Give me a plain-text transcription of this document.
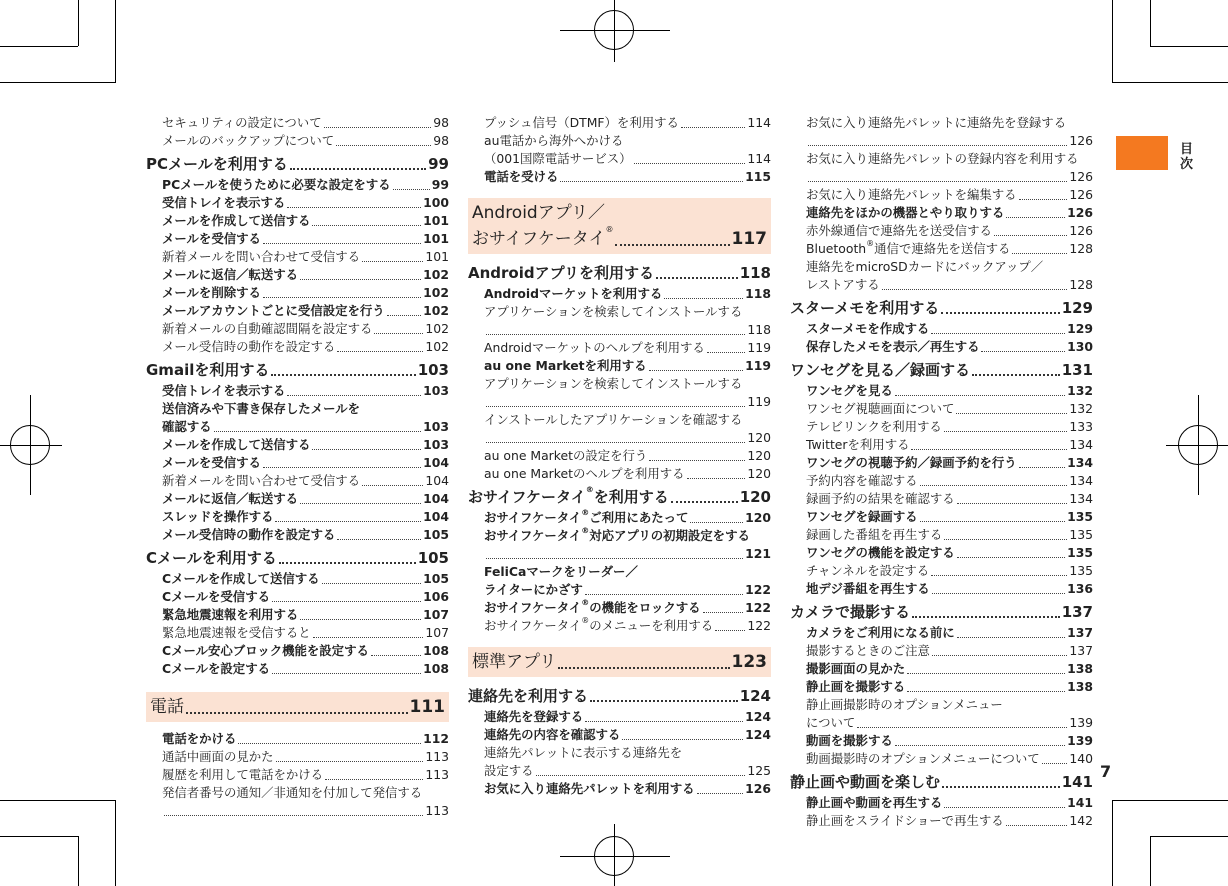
目
次
7
セキュリティの設定について	98
メールのバックアップについて	98
PCメールを利用する	99
PCメールを使うために必要な設定をする	99
受信トレイを表示する	100
メールを作成して送信する	101
メールを受信する	101
新着メールを問い合わせて受信する	101
メールに返信／転送する	102
メールを削除する	102
メールアカウントごとに受信設定を行う	102
新着メールの自動確認間隔を設定する	102
メール受信時の動作を設定する	102
Gmailを利用する	103
受信トレイを表示する	103
送信済みや下書き保存したメールを
確認する	103
メールを作成して送信する	103
メールを受信する	104
新着メールを問い合わせて受信する	104
メールに返信／転送する	104
スレッドを操作する	104
メール受信時の動作を設定する	105
Cメールを利用する	105
Cメールを作成して送信する	105
Cメールを受信する	106
緊急地震速報を利用する	107
緊急地震速報を受信すると	107
Cメール安心ブロック機能を設定する	108
Cメールを設定する	108
電話	111
電話をかける	112
通話中画面の見かた	113
履歴を利用して電話をかける	113
発信者番号の通知／非通知を付加して発信する
113
プッシュ信号（DTMF）を利用する	114
au電話から海外へかける
（001国際電話サービス）	114
電話を受ける	115
Androidアプリ／
おサイフケータイ®	117
Androidアプリを利用する	118
Androidマーケットを利用する	118
アプリケーションを検索してインストールする
118
Androidマーケットのヘルプを利用する	119
au one Marketを利用する	119
アプリケーションを検索してインストールする
119
インストールしたアプリケーションを確認する
120
au one Marketの設定を行う	120
au one Marketのヘルプを利用する	120
おサイフケータイ®を利用する	120
おサイフケータイ®ご利用にあたって	120
おサイフケータイ®対応アプリの初期設定をする
121
FeliCaマークをリーダー／
ライターにかざす	122
おサイフケータイ®の機能をロックする	122
おサイフケータイ®のメニューを利用する	122
標準アプリ	123
連絡先を利用する	124
連絡先を登録する	124
連絡先の内容を確認する	124
連絡先パレットに表示する連絡先を
設定する	125
お気に入り連絡先パレットを利用する	126
お気に入り連絡先パレットに連絡先を登録する
126
お気に入り連絡先パレットの登録内容を利用する
126
お気に入り連絡先パレットを編集する	126
連絡先をほかの機器とやり取りする	126
赤外線通信で連絡先を送受信する	126
Bluetooth®通信で連絡先を送信する	128
連絡先をmicroSDカードにバックアップ／
レストアする	128
スターメモを利用する	129
スターメモを作成する	129
保存したメモを表示／再生する	130
ワンセグを見る／録画する	131
ワンセグを見る	132
ワンセグ視聴画面について	132
テレビリンクを利用する	133
Twitterを利用する	134
ワンセグの視聴予約／録画予約を行う	134
予約内容を確認する	134
録画予約の結果を確認する	134
ワンセグを録画する	135
録画した番組を再生する	135
ワンセグの機能を設定する	135
チャンネルを設定する	135
地デジ番組を再生する	136
カメラで撮影する	137
カメラをご利用になる前に	137
撮影するときのご注意	137
撮影画面の見かた	138
静止画を撮影する	138
静止画撮影時のオプションメニュー
について	139
動画を撮影する	139
動画撮影時のオプションメニューについて 140
静止画や動画を楽しむ	141
静止画や動画を再生する	141
静止画をスライドショーで再生する	142
